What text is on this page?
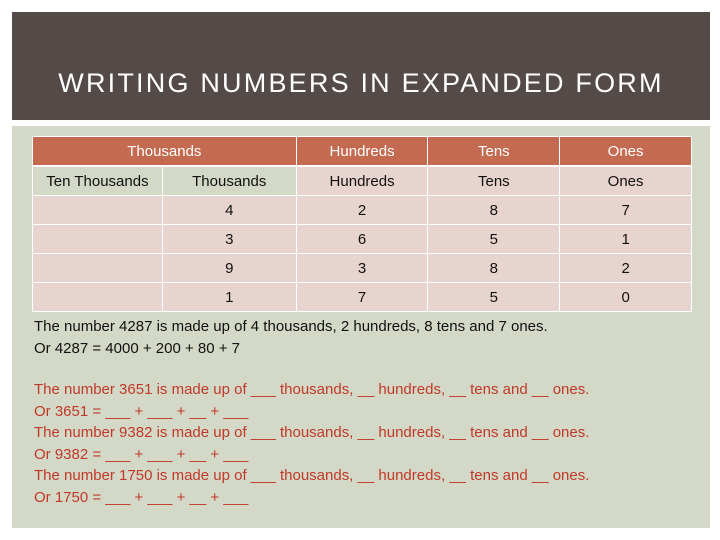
WRITING NUMBERS IN EXPANDED FORM
Thousands		Hundreds	Tens	Ones
Ten Thousands	Thousands	Hundreds	Tens	Ones
	4	2	8	7
	3	6	5	1
	9	3	8	2
	1	7	5	0
The number 4287 is made up of 4 thousands, 2 hundreds, 8 tens and 7 ones.
Or 4287 = 4000 + 200 + 80 + 7
The number 3651 is made up of ___ thousands, __ hundreds, __ tens and __ ones.
Or 3651 = ___ + ___ + __ + ___
The number 9382 is made up of ___ thousands, __ hundreds, __ tens and __ ones.
Or 9382 = ___ + ___ + __ + ___
The number 1750 is made up of ___ thousands, __ hundreds, __ tens and __ ones.
Or 1750 = ___ + ___ + __ + ___
